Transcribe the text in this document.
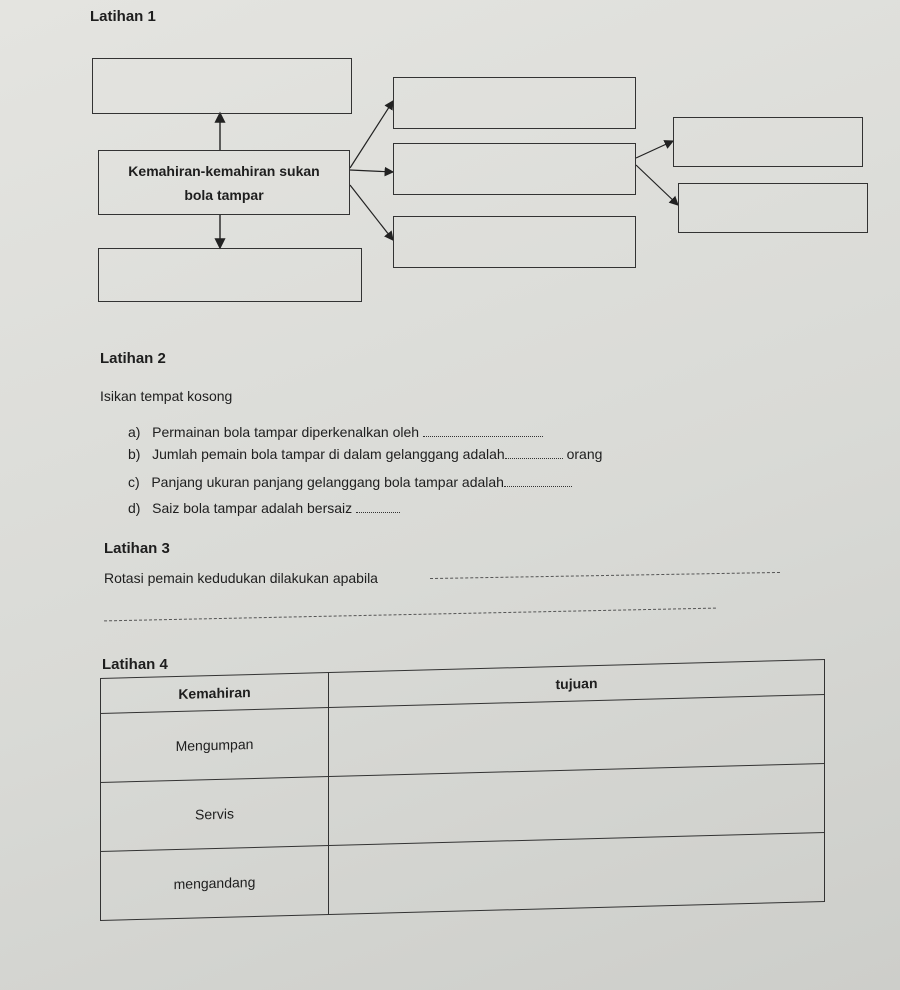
Latihan 1
Kemahiran-kemahiran sukan
bola tampar
Latihan 2
Isikan tempat kosong
a) Permainan bola tampar diperkenalkan oleh
b) Jumlah pemain bola tampar di dalam gelanggang adalah	orang
c) Panjang ukuran panjang gelanggang bola tampar adalah
d) Saiz bola tampar adalah bersaiz
Latihan 3
Rotasi pemain kedudukan dilakukan apabila
Latihan 4
Kemahiran	tujuan
Mengumpan	
Servis	
mengandang	
